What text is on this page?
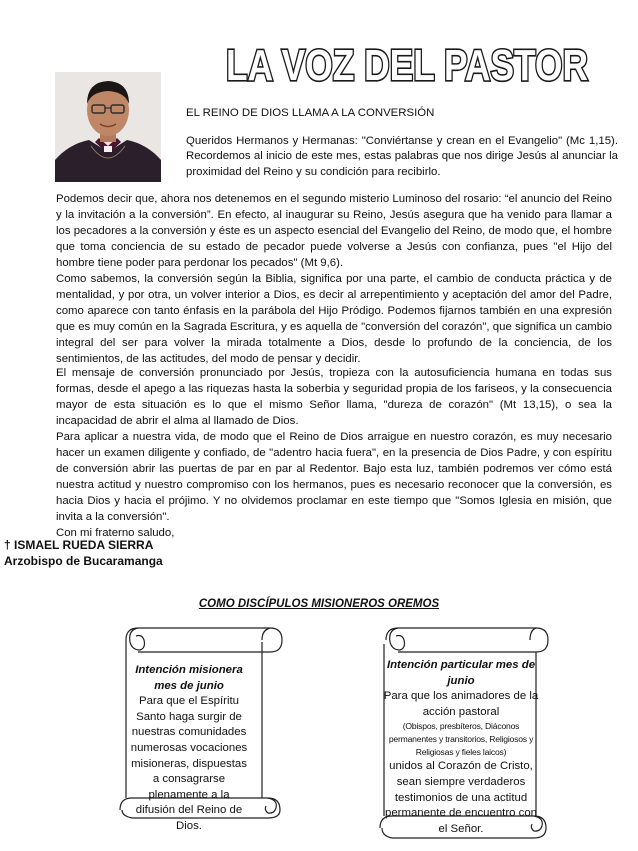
LA VOZ DEL PASTOR
EL REINO DE DIOS LLAMA A LA CONVERSIÓN
Queridos Hermanos y Hermanas: "Conviértanse y crean en el Evangelio" (Mc 1,15). Recordemos al inicio de este mes, estas palabras que nos dirige Jesús al anunciar la proximidad del Reino y su condición para recibirlo.

Podemos decir que, ahora nos detenemos en el segundo misterio Luminoso del rosario: “el anuncio del Reino y la invitación a la conversión”. En efecto, al inaugurar su Reino, Jesús asegura que ha venido para llamar a los pecadores a la conversión y éste es un aspecto esencial del Evangelio del Reino, de modo que, el hombre que toma conciencia de su estado de pecador puede volverse a Jesús con confianza, pues "el Hijo del hombre tiene poder para perdonar los pecados" (Mt 9,6).

Como sabemos, la conversión según la Biblia, significa por una parte, el cambio de conducta práctica y de mentalidad, y por otra, un volver interior a Dios, es decir al arrepentimiento y aceptación del amor del Padre, como aparece con tanto énfasis en la parábola del Hijo Pródigo. Podemos fijarnos también en una expresión que es muy común en la Sagrada Escritura, y es aquella de "conversión del corazón", que significa un cambio integral del ser para volver la mirada totalmente a Dios, desde lo profundo de la conciencia, de los sentimientos, de las actitudes, del modo de pensar y decidir.

El mensaje de conversión pronunciado por Jesús, tropieza con la autosuficiencia humana en todas sus formas, desde el apego a las riquezas hasta la soberbia y seguridad propia de los fariseos, y la consecuencia mayor de esta situación es lo que el mismo Señor llama, "dureza de corazón" (Mt 13,15), o sea la incapacidad de abrir el alma al llamado de Dios.

Para aplicar a nuestra vida, de modo que el Reino de Dios arraigue en nuestro corazón, es muy necesario hacer un examen diligente y confiado, de "adentro hacia fuera", en la presencia de Dios Padre, y con espíritu de conversión abrir las puertas de par en par al Redentor. Bajo esta luz, también podremos ver cómo está nuestra actitud y nuestro compromiso con los hermanos, pues es necesario reconocer que la conversión, es hacia Dios y hacia el prójimo. Y no olvidemos proclamar en este tiempo que "Somos Iglesia en misión, que invita a la conversión".

Con mi fraterno saludo,

† ISMAEL RUEDA SIERRA
Arzobispo de Bucaramanga
COMO DISCÍPULOS MISIONEROS OREMOS
Intención misionera mes de junio
Para que el Espíritu Santo haga surgir de nuestras comunidades numerosas vocaciones misioneras, dispuestas a consagrarse plenamente a la difusión del Reino de Dios.
Intención particular mes de junio
Para que los animadores de la acción pastoral
(Obispos, presbíteros, Diáconos permanentes y transitorios, Religiosos y Religiosas y fieles laicos)
unidos al Corazón de Cristo, sean siempre verdaderos testimonios de una actitud permanente de encuentro con el Señor.
